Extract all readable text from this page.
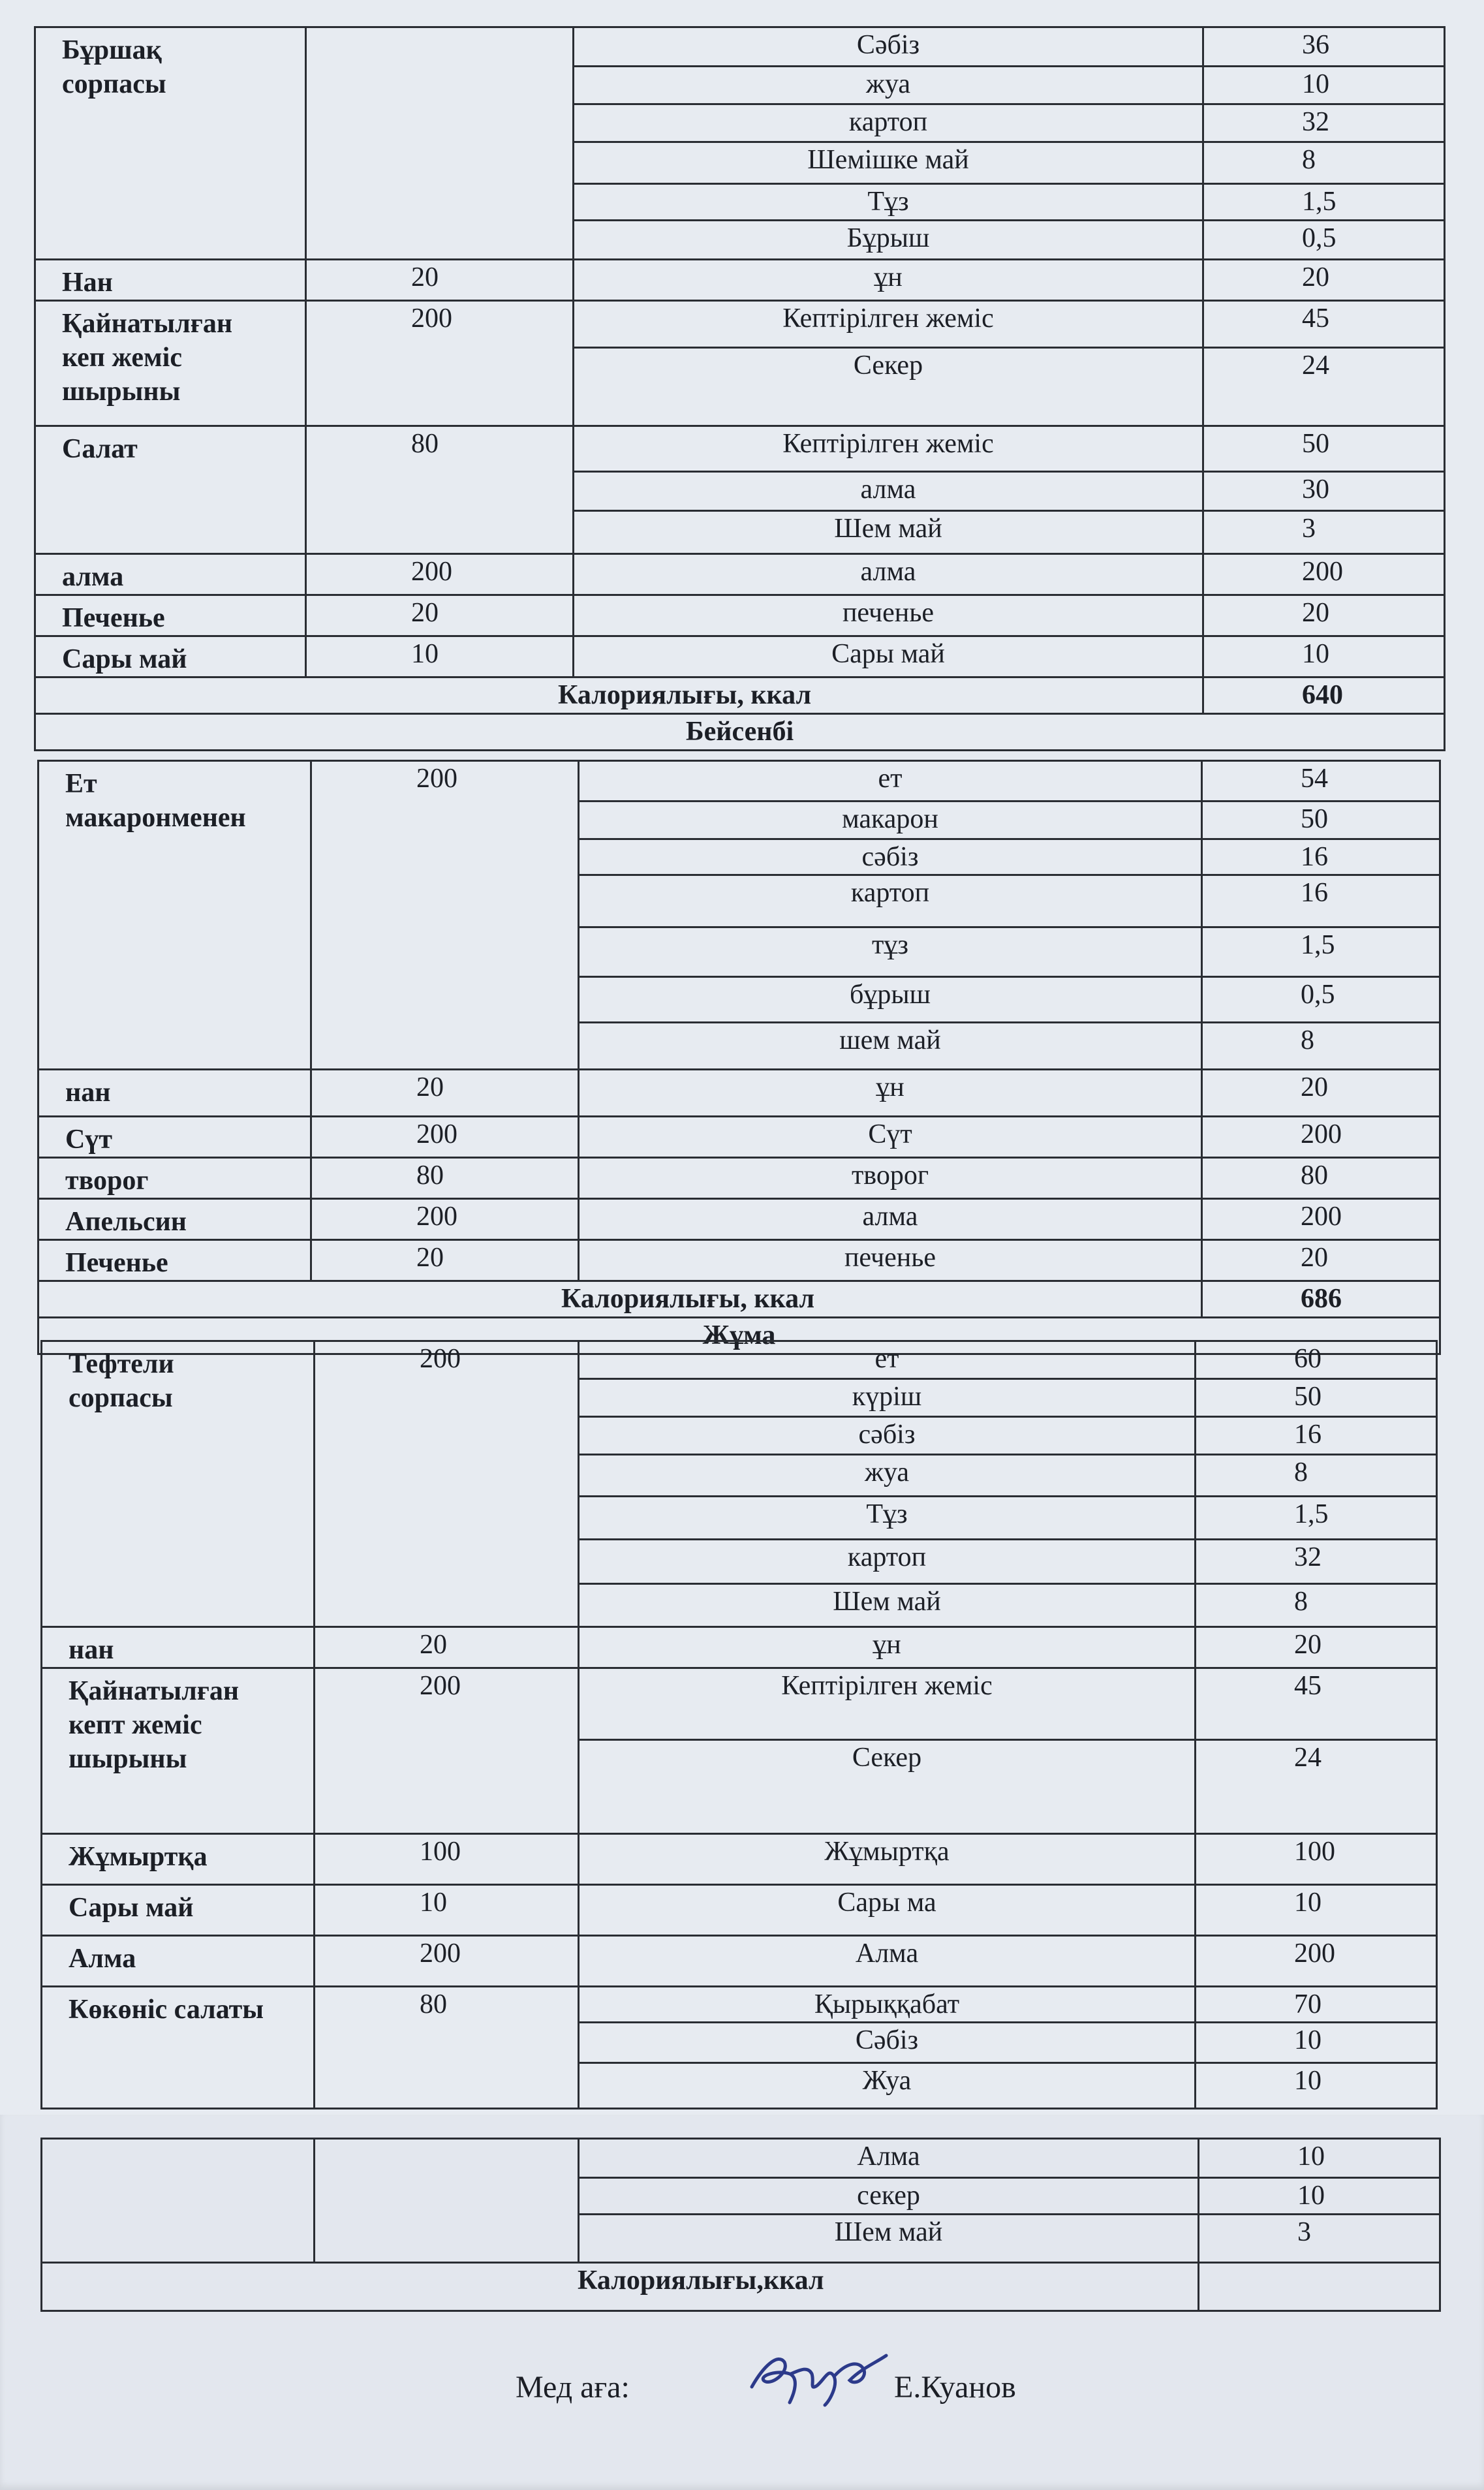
Бұршақ
сорпасы		Сәбіз	36
		жуа	10
		картоп	32
		Шемішке май	8
		Тұз	1,5
		Бұрыш	0,5
Нан	20	ұн	20
Қайнатылған
кеп жеміс
шырыны	200	Кептірілген жеміс	45
		Секер	24
Салат	80	Кептірілген жеміс	50
		алма	30
		Шем май	3
алма	200	алма	200
Печенье	20	печенье	20
Сары май	10	Сары май	10
Калориялығы, ккал			640
Бейсенбі			
Ет
макаронменен	200	ет	54
		макарон	50
		сәбіз	16
		картоп	16
		тұз	1,5
		бұрыш	0,5
		шем май	8
нан	20	ұн	20
Сүт	200	Сүт	200
творог	80	творог	80
Апельсин	200	алма	200
Печенье	20	печенье	20
Калориялығы, ккал			686
Жұма			
Тефтели
сорпасы	200	ет	60
		күріш	50
		сәбіз	16
		жуа	8
		Тұз	1,5
		картоп	32
		Шем май	8
нан	20	ұн	20
Қайнатылған
кепт жеміс
шырыны	200	Кептірілген жеміс	45
		Секер	24
Жұмыртқа	100	Жұмыртқа	100
Сары май	10	Сары ма	10
Алма	200	Алма	200
Көкөніс салаты	80	Қырыққабат	70
		Сәбіз	10
		Жуа	10
		Алма	10
		секер	10
		Шем май	3
Калориялығы,ккал			
Мед аға:	Е.Куанов
